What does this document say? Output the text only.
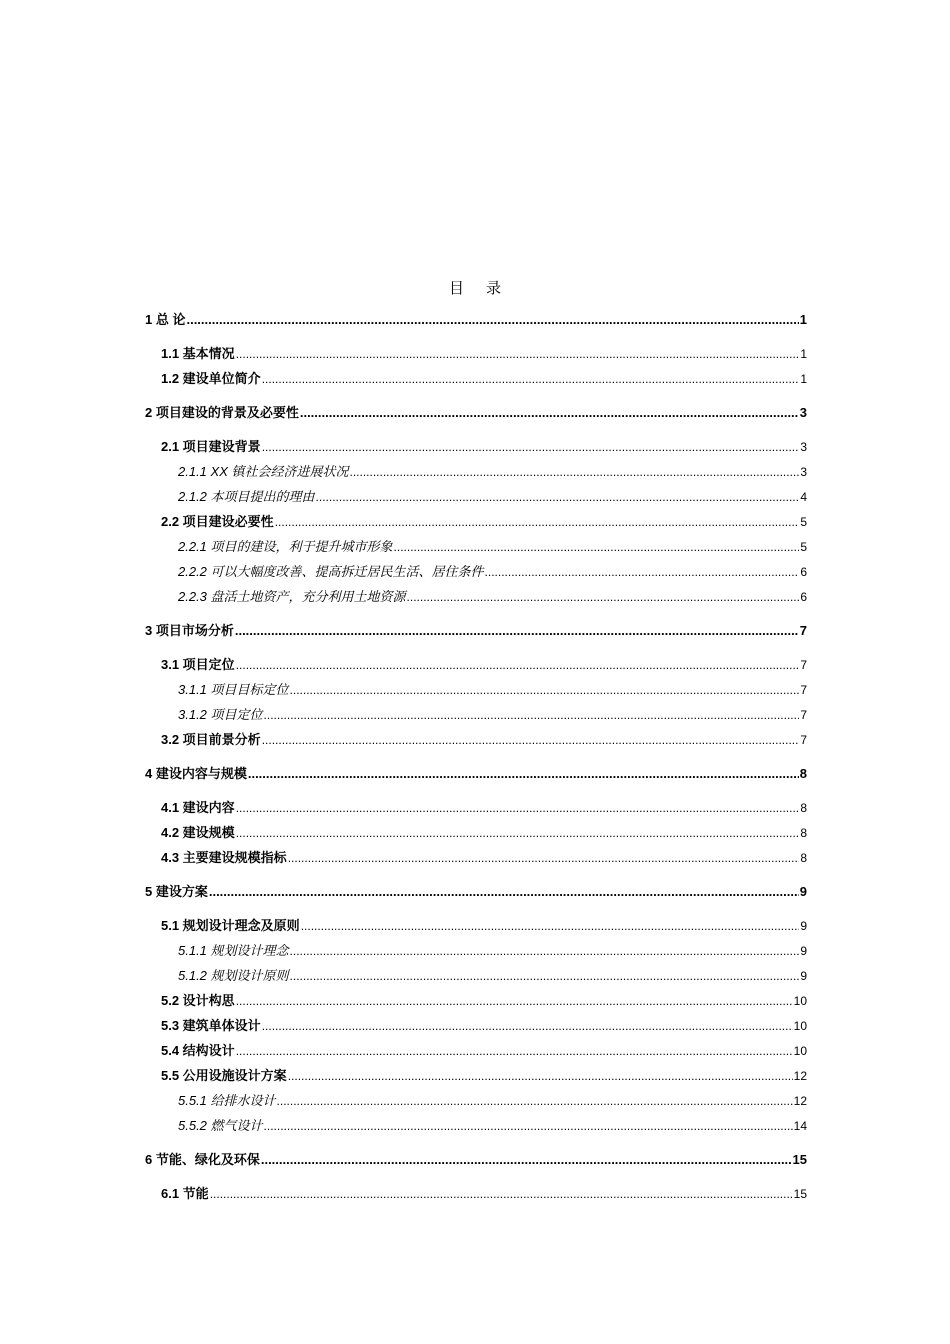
目 录
1 总 论 .....	1
1.1 基本情况 .....	1
1.2 建设单位简介 .....	1
2 项目建设的背景及必要性 .....	3
2.1 项目建设背景 .....	3
2.1.1 XX 镇社会经济进展状况 .....	3
2.1.2 本项目提出的理由 .....	4
2.2 项目建设必要性 .....	5
2.2.1 项目的建设，利于提升城市形象 .....	5
2.2.2 可以大幅度改善、提高拆迁居民生活、居住条件 .....	6
2.2.3 盘活土地资产，充分利用土地资源 .....	6
3 项目市场分析 .....	7
3.1 项目定位 .....	7
3.1.1 项目目标定位 .....	7
3.1.2 项目定位 .....	7
3.2 项目前景分析 .....	7
4 建设内容与规模 .....	8
4.1 建设内容 .....	8
4.2 建设规模 .....	8
4.3 主要建设规模指标 .....	8
5 建设方案 .....	9
5.1 规划设计理念及原则 .....	9
5.1.1 规划设计理念 .....	9
5.1.2 规划设计原则 .....	9
5.2 设计构思 .....	10
5.3 建筑单体设计 .....	10
5.4 结构设计 .....	10
5.5 公用设施设计方案 .....	12
5.5.1 给排水设计 .....	12
5.5.2 燃气设计 .....	14
6 节能、绿化及环保 .....	15
6.1 节能 .....	15
